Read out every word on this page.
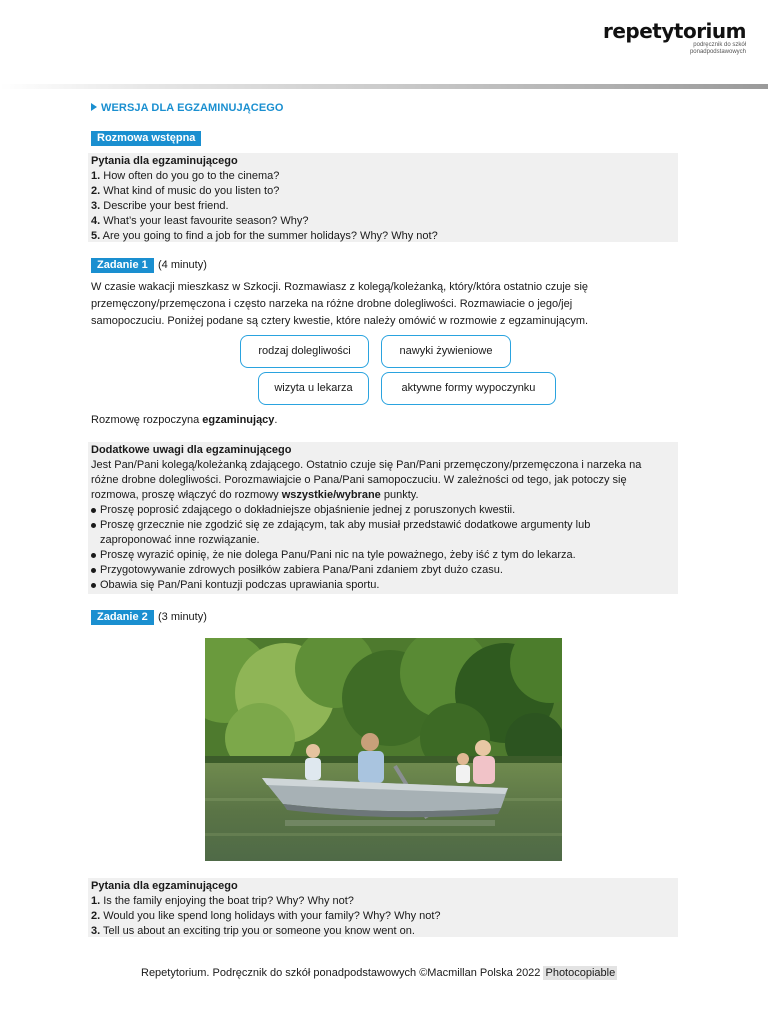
repetytorium
podręcznik do szkół
ponadpodstawowych
WERSJA DLA EGZAMINUJĄCEGO
Rozmowa wstępna
Pytania dla egzaminującego
1. How often do you go to the cinema?
2. What kind of music do you listen to?
3. Describe your best friend.
4. What’s your least favourite season? Why?
5. Are you going to find a job for the summer holidays? Why? Why not?
Zadanie 1 (4 minuty)
W czasie wakacji mieszkasz w Szkocji. Rozmawiasz z kolegą/koleżanką, który/która ostatnio czuje się
przemęczony/przemęczona i często narzeka na różne drobne dolegliwości. Rozmawiacie o jego/jej
samopoczuciu. Poniżej podane są cztery kwestie, które należy omówić w rozmowie z egzaminującym.
rodzaj dolegliwości	nawyki żywieniowe
wizyta u lekarza	aktywne formy wypoczynku
Rozmowę rozpoczyna egzaminujący.
Dodatkowe uwagi dla egzaminującego
Jest Pan/Pani kolegą/koleżanką zdającego. Ostatnio czuje się Pan/Pani przemęczony/przemęczona i narzeka na
różne drobne dolegliwości. Porozmawiajcie o Pana/Pani samopoczuciu. W zależności od tego, jak potoczy się
rozmowa, proszę włączyć do rozmowy wszystkie/wybrane punkty.
Proszę poprosić zdającego o dokładniejsze objaśnienie jednej z poruszonych kwestii.
Proszę grzecznie nie zgodzić się ze zdającym, tak aby musiał przedstawić dodatkowe argumenty lub
zaproponować inne rozwiązanie.
Proszę wyrazić opinię, że nie dolega Panu/Pani nic na tyle poważnego, żeby iść z tym do lekarza.
Przygotowywanie zdrowych posiłków zabiera Pana/Pani zdaniem zbyt dużo czasu.
Obawia się Pan/Pani kontuzji podczas uprawiania sportu.
Zadanie 2 (3 minuty)
Pytania dla egzaminującego
1. Is the family enjoying the boat trip? Why? Why not?
2. Would you like spend long holidays with your family? Why? Why not?
3. Tell us about an exciting trip you or someone you know went on.
Repetytorium. Podręcznik do szkół ponadpodstawowych ©Macmillan Polska 2022 Photocopiable
